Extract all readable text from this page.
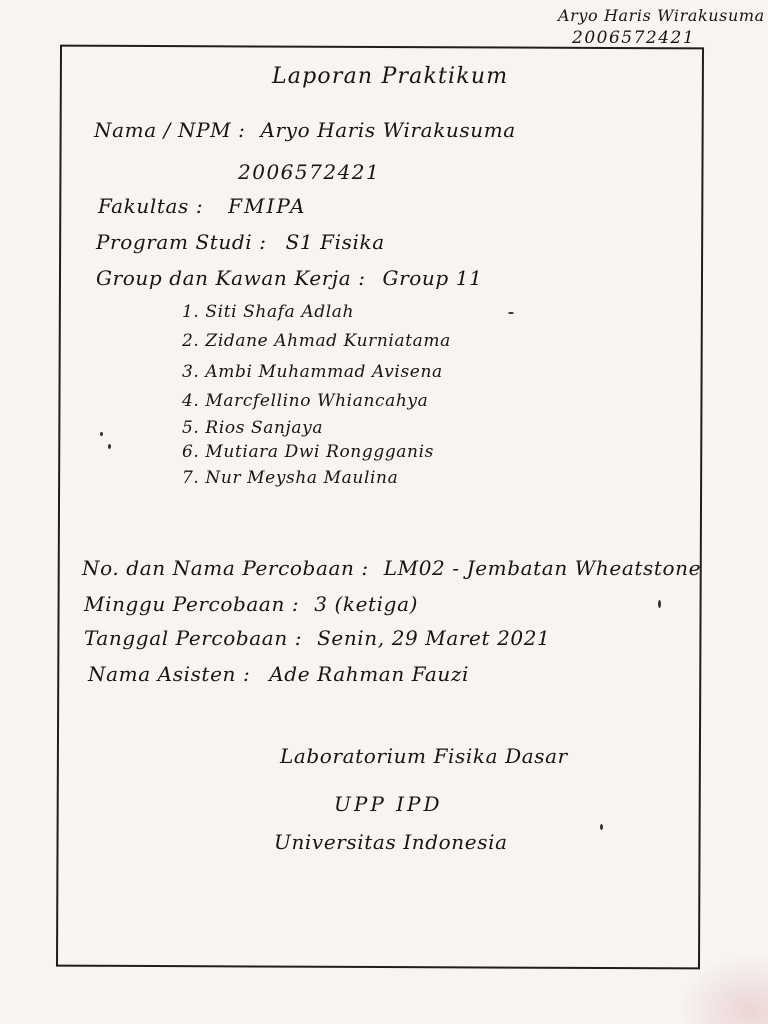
Aryo Haris Wirakusuma
2006572421
Laporan Praktikum
Nama / NPM : Aryo Haris Wirakusuma
2006572421
Fakultas : FMIPA
Program Studi : S1 Fisika
Group dan Kawan Kerja : Group 11
1. Siti Shafa Adlah
2. Zidane Ahmad Kurniatama
3. Ambi Muhammad Avisena
4. Marcfellino Whiancahya
5. Rios Sanjaya
6. Mutiara Dwi Ronggganis
7. Nur Meysha Maulina
No. dan Nama Percobaan : LM02 - Jembatan Wheatstone
Minggu Percobaan : 3 (ketiga)
Tanggal Percobaan : Senin, 29 Maret 2021
Nama Asisten : Ade Rahman Fauzi
Laboratorium Fisika Dasar
UPP IPD
Universitas Indonesia
